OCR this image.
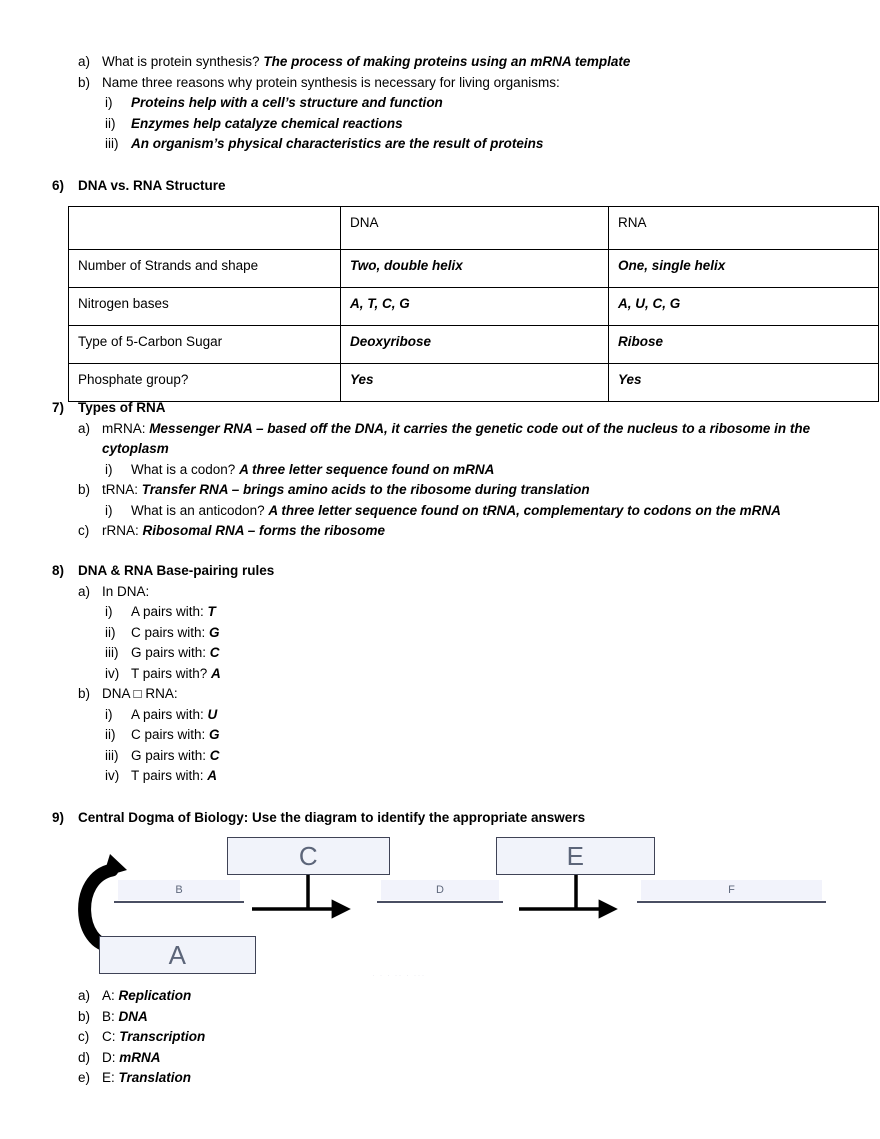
a) What is protein synthesis? The process of making proteins using an mRNA template
b) Name three reasons why protein synthesis is necessary for living organisms:
i)	Proteins help with a cell’s structure and function
ii)	Enzymes help catalyze chemical reactions
iii) An organism’s physical characteristics are the result of proteins
6)	DNA vs. RNA Structure
	DNA	RNA
Number of Strands and shape	Two, double helix	One, single helix
Nitrogen bases	A, T, C, G	A, U, C, G
Type of 5-Carbon Sugar	Deoxyribose	Ribose
Phosphate group?	Yes	Yes
7)	Types of RNA
a) mRNA: Messenger RNA – based off the DNA, it carries the genetic code out of the nucleus to a ribosome in the cytoplasm
i)	What is a codon? A three letter sequence found on mRNA
b) tRNA: Transfer RNA – brings amino acids to the ribosome during translation
i)	What is an anticodon? A three letter sequence found on tRNA, complementary to codons on the mRNA
c) rRNA: Ribosomal RNA – forms the ribosome
8)	DNA & RNA Base-pairing rules
a) In DNA:
i)	A pairs with: T
ii)	C pairs with: G
iii) G pairs with: C
iv) T pairs with? A
b) DNA □ RNA:
i)	A pairs with: U
ii)	C pairs with: G
iii) G pairs with: C
iv) T pairs with: A
9)	Central Dogma of Biology: Use the diagram to identify the appropriate answers
C	E
A
B	D	F
· · · ·· · ···
a) A: Replication
b) B: DNA
c) C: Transcription
d) D: mRNA
e) E: Translation
